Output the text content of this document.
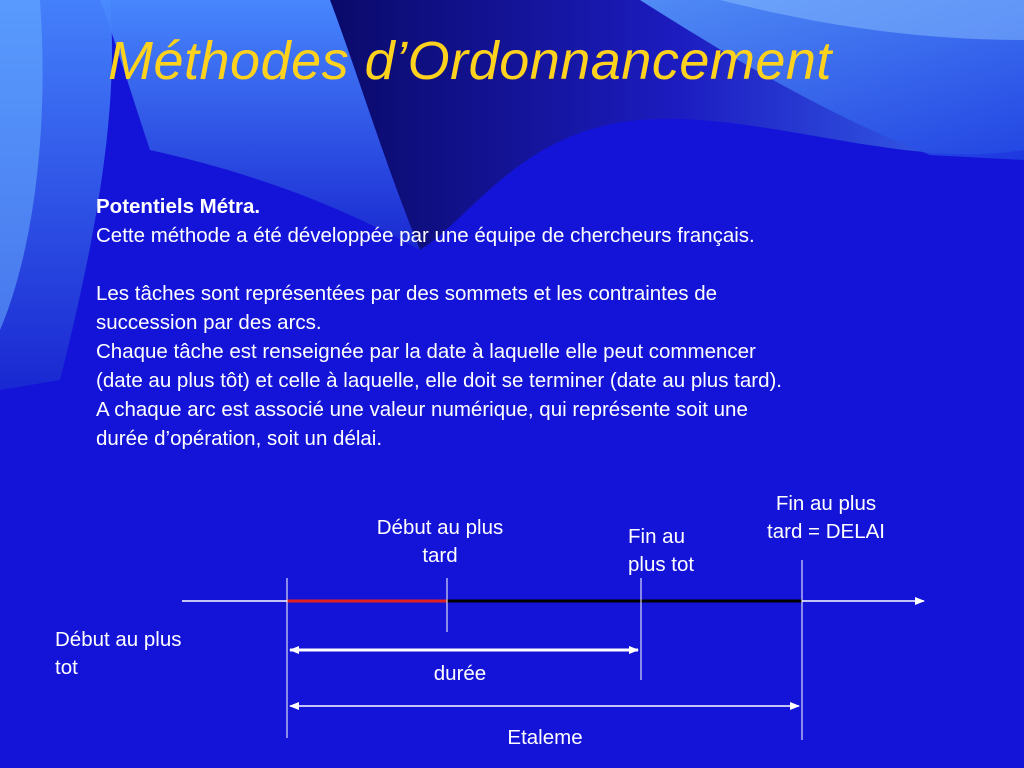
Méthodes d’Ordonnancement

Potentiels Métra.

Cette méthode a été développée par une équipe de chercheurs français.

Les tâches sont représentées par des sommets et les contraintes de

succession par des arcs.

Chaque tâche est renseignée par la date à laquelle elle peut commencer

(date au plus tôt) et celle à laquelle, elle doit se terminer (date au plus tard).

A chaque arc est associé une valeur numérique, qui représente soit une

durée d’opération, soit un délai.

Début au plus
tot
Début au plus
tard
Fin au
plus tot
Fin au plus
tard = DELAI
durée
Etaleme
